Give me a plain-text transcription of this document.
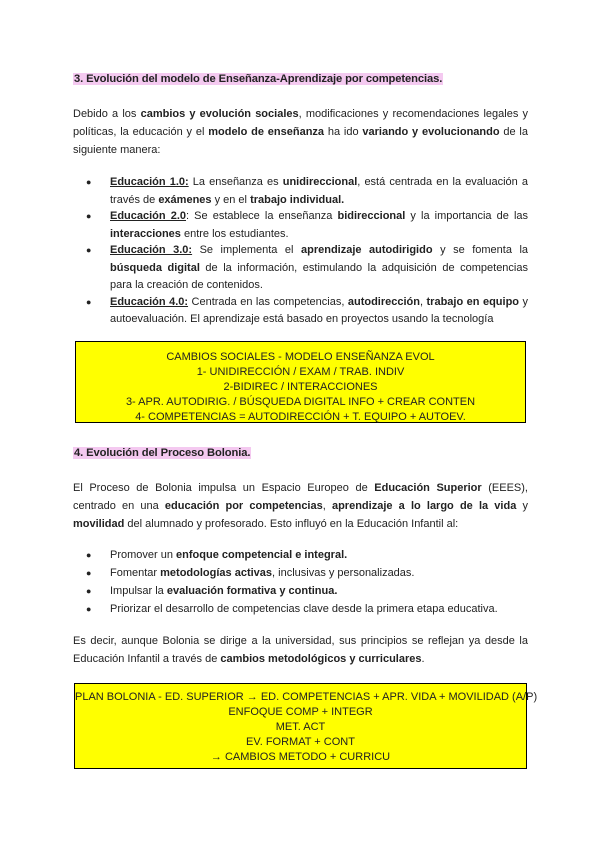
3. Evolución del modelo de Enseñanza-Aprendizaje por competencias.
Debido a los cambios y evolución sociales, modificaciones y recomendaciones legales y políticas, la educación y el modelo de enseñanza ha ido variando y evolucionando de la siguiente manera:
● Educación 1.0: La enseñanza es unidireccional, está centrada en la evaluación a través de exámenes y en el trabajo individual.
● Educación 2.0: Se establece la enseñanza bidireccional y la importancia de las interacciones entre los estudiantes.
● Educación 3.0: Se implementa el aprendizaje autodirigido y se fomenta la búsqueda digital de la información, estimulando la adquisición de competencias para la creación de contenidos.
● Educación 4.0: Centrada en las competencias, autodirección, trabajo en equipo y autoevaluación. El aprendizaje está basado en proyectos usando la tecnología
CAMBIOS SOCIALES - MODELO ENSEÑANZA EVOL
1- UNIDIRECCIÓN / EXAM / TRAB. INDIV
2-BIDIREC / INTERACCIONES
3- APR. AUTODIRIG. / BÚSQUEDA DIGITAL INFO + CREAR CONTEN
4- COMPETENCIAS = AUTODIRECCIÓN + T. EQUIPO + AUTOEV.
4. Evolución del Proceso Bolonia.
El Proceso de Bolonia impulsa un Espacio Europeo de Educación Superior (EEES), centrado en una educación por competencias, aprendizaje a lo largo de la vida y movilidad del alumnado y profesorado. Esto influyó en la Educación Infantil al:
● Promover un enfoque competencial e integral.
● Fomentar metodologías activas, inclusivas y personalizadas.
● Impulsar la evaluación formativa y continua.
● Priorizar el desarrollo de competencias clave desde la primera etapa educativa.
Es decir, aunque Bolonia se dirige a la universidad, sus principios se reflejan ya desde la Educación Infantil a través de cambios metodológicos y curriculares.
PLAN BOLONIA - ED. SUPERIOR → ED. COMPETENCIAS + APR. VIDA + MOVILIDAD (A/P)
ENFOQUE COMP + INTEGR
MET. ACT
EV. FORMAT + CONT
→ CAMBIOS METODO + CURRICU
